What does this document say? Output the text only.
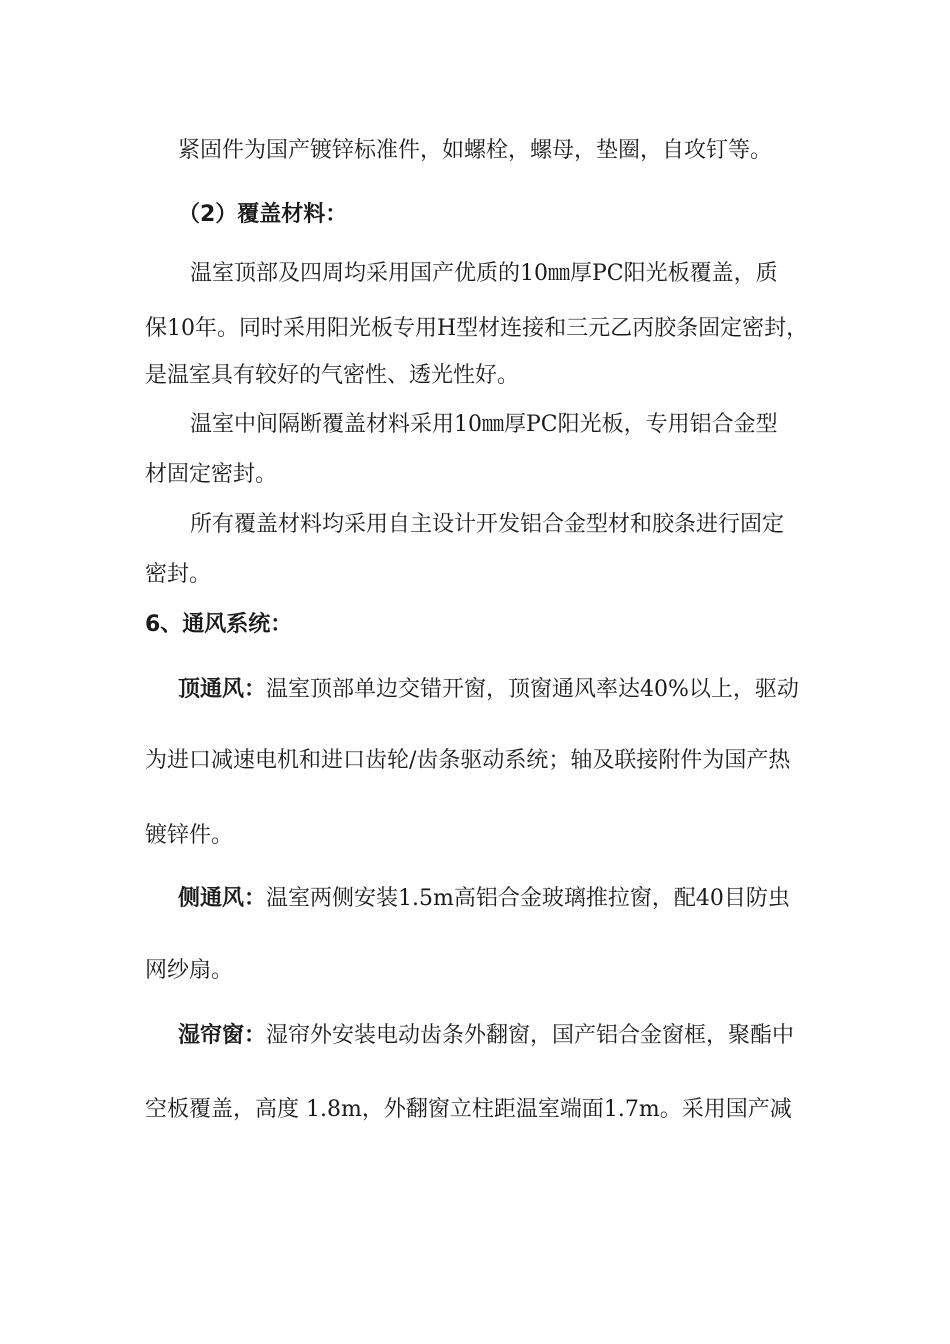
紧固件为国产镀锌标准件，如螺栓，螺母，垫圈，自攻钉等。
（2）覆盖材料：
温室顶部及四周均采用国产优质的10㎜厚PC阳光板覆盖，质
保10年。同时采用阳光板专用H型材连接和三元乙丙胶条固定密封，
是温室具有较好的气密性、透光性好。
温室中间隔断覆盖材料采用10㎜厚PC阳光板，专用铝合金型
材固定密封。
所有覆盖材料均采用自主设计开发铝合金型材和胶条进行固定
密封。
6、通风系统：
顶通风：温室顶部单边交错开窗，顶窗通风率达40%以上，驱动
为进口减速电机和进口齿轮/齿条驱动系统；轴及联接附件为国产热
镀锌件。
侧通风：温室两侧安装1.5m高铝合金玻璃推拉窗，配40目防虫
网纱扇。
湿帘窗：湿帘外安装电动齿条外翻窗，国产铝合金窗框，聚酯中
空板覆盖，高度 1.8m，外翻窗立柱距温室端面1.7m。采用国产减
